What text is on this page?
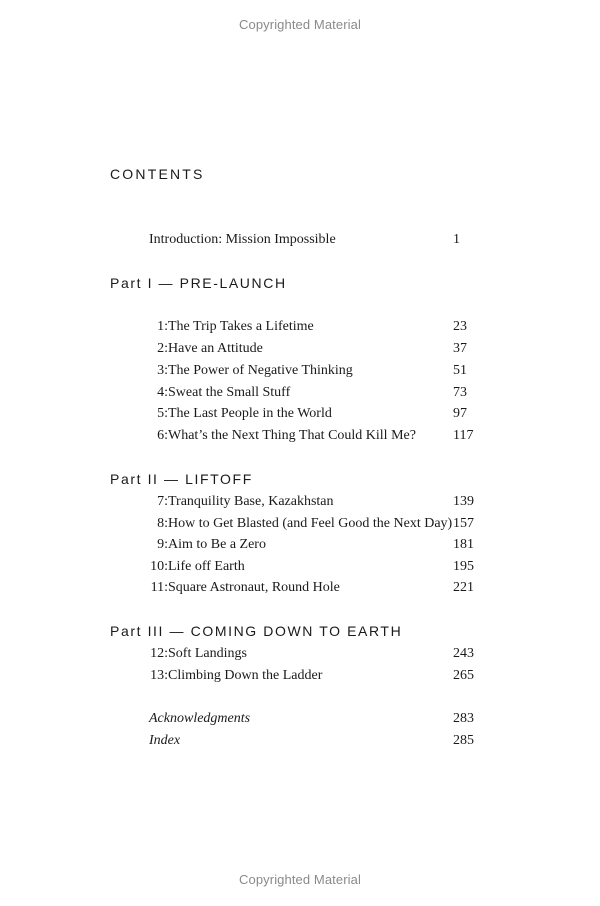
Copyrighted Material
CONTENTS
Introduction: Mission Impossible	1
Part I — PRE-LAUNCH
1: The Trip Takes a Lifetime	23
2: Have an Attitude	37
3: The Power of Negative Thinking	51
4: Sweat the Small Stuff	73
5: The Last People in the World	97
6: What’s the Next Thing That Could Kill Me?	117
Part II — LIFTOFF
7: Tranquility Base, Kazakhstan	139
8: How to Get Blasted (and Feel Good the Next Day) 157
9: Aim to Be a Zero	181
10: Life off Earth	195
11: Square Astronaut, Round Hole	221
Part III — COMING DOWN TO EARTH
12: Soft Landings	243
13: Climbing Down the Ladder	265
Acknowledgments	283
Index	285
Copyrighted Material
